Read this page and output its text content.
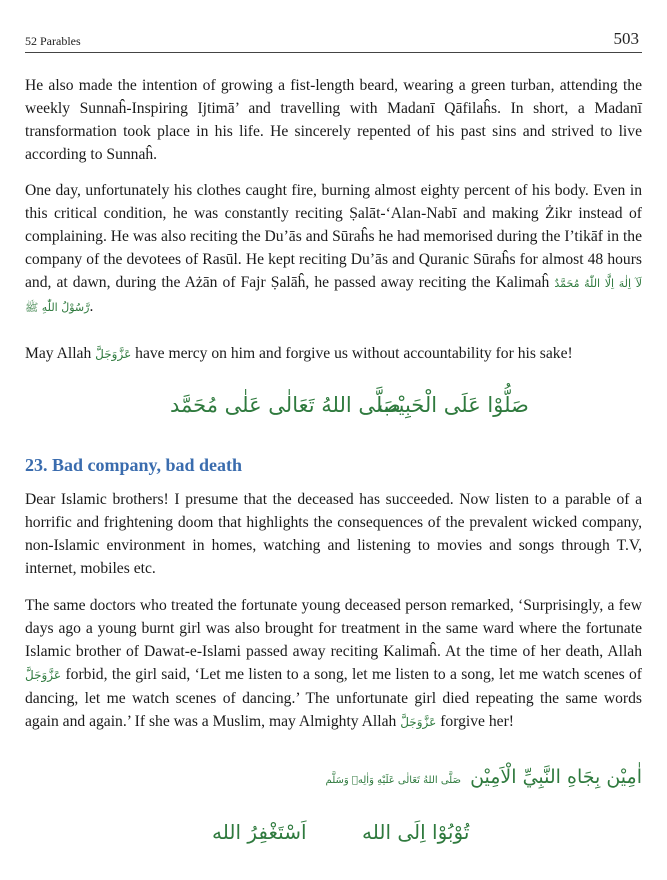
52 Parables	503

He also made the intention of growing a fist-length beard, wearing a green turban, attending the weekly Sunnaĥ-Inspiring Ijtimā’ and travelling with Madanī Qāfilaĥs. In short, a Madanī transformation took place in his life. He sincerely repented of his past sins and strived to live according to Sunnaĥ.

One day, unfortunately his clothes caught fire, burning almost eighty percent of his body. Even in this critical condition, he was constantly reciting Ṣalāt-‘Alan-Nabī and making Żikr instead of complaining. He was also reciting the Du’ās and Sūraĥs he had memorised during the I’tikāf in the company of the devotees of Rasūl. He kept reciting Du’ās and Quranic Sūraĥs for almost 48 hours and, at dawn, during the Ażān of Fajr Ṣalāĥ, he passed away reciting the Kalimaĥ لَآ اِلٰهَ اِلَّا اللّٰهُ مُحَمَّدٌ رَّسُوْلُ اللّٰهِ ﷺ.

May Allah عَزَّوَجَلَّ have mercy on him and forgive us without accountability for his sake!

صَلَّى اللهُ تَعَالٰی عَلٰی مُحَمَّد
صَلُّوْا عَلَى الْحَبِيْب
23. Bad company, bad death

Dear Islamic brothers! I presume that the deceased has succeeded. Now listen to a parable of a horrific and frightening doom that highlights the consequences of the prevalent wicked company, non-Islamic environment in homes, watching and listening to movies and songs through T.V, internet, mobiles etc.

The same doctors who treated the fortunate young deceased person remarked, ‘Surprisingly, a few days ago a young burnt girl was also brought for treatment in the same ward where the fortunate Islamic brother of Dawat-e-Islami passed away reciting Kalimaĥ. At the time of her death, Allah عَزَّوَجَلَّ forbid, the girl said, ‘Let me listen to a song, let me listen to a song, let me watch scenes of dancing, let me watch scenes of dancing.’ The unfortunate girl died repeating the same words again and again.’ If she was a Muslim, may Almighty Allah عَزَّوَجَلَّ forgive her!

اٰمِيْن بِجَاهِ النَّبِيِّ الْاَمِيْن صَلَّى اللهُ تَعَالٰی عَلَيْهِ وَاٰلِهٖ وَسَلَّم
اَسْتَغْفِرُ الله	تُوْبُوْا اِلَى الله
